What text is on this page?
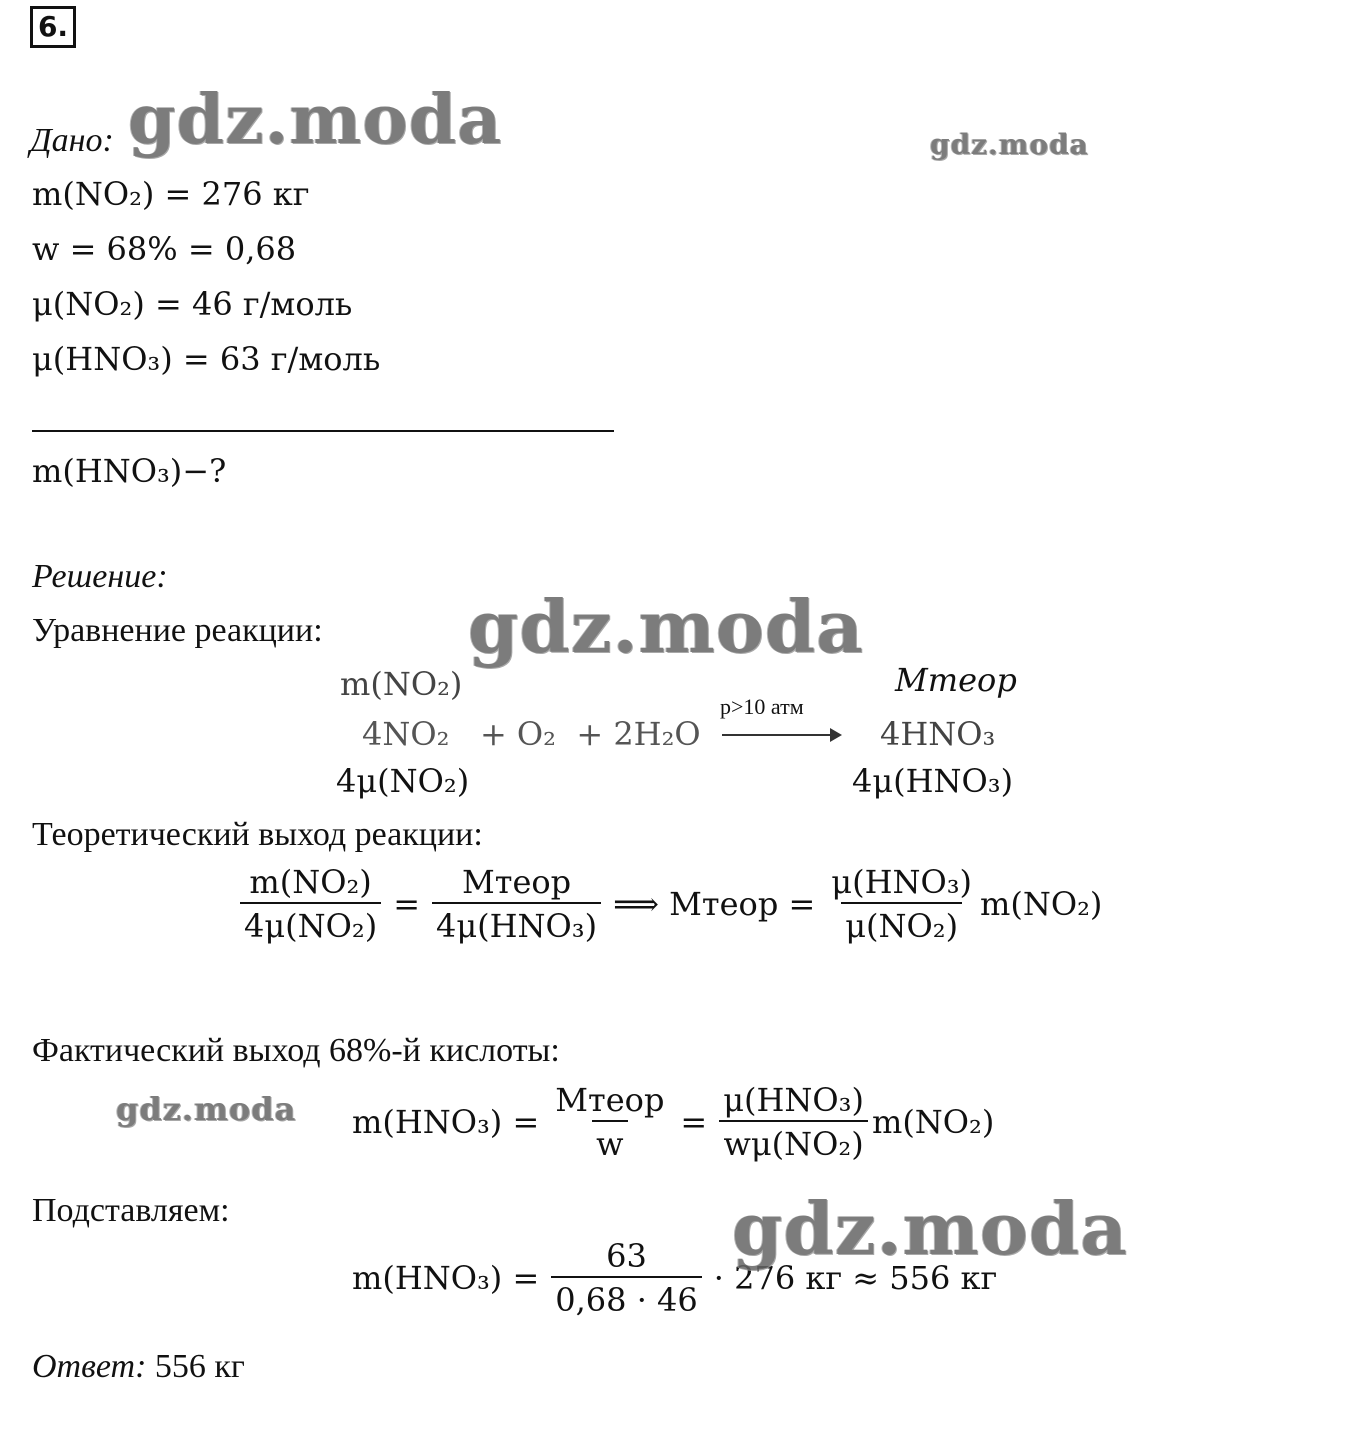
6.
Дано:
m(NO₂) = 276 кг
w = 68% = 0,68
μ(NO₂) = 46 г/моль
μ(HNO₃) = 63 г/моль
m(HNO₃)−?
Решение:
Уравнение реакции:
m(NO₂)	Mтеор
4NO₂   + O₂  + 2H₂O
p>10 атм
4HNO₃
4μ(NO₂)	4μ(HNO₃)
Теоретический выход реакции:
$\frac{\text{m(NO₂)}}{\text{4μ(NO₂)}} = \frac{\text{Mтеор}}{\text{4μ(HNO₃)}}$ ⟹ Mтеор = $\frac{\text{μ(HNO₃)}}{\text{μ(NO₂)}} m(NO_2)$
Фактический выход 68%-й кислоты:
$m(HNO_3) = \frac{\text{Mтеор}}{w} = \frac{\text{μ(HNO₃)}}{\text{wμ(NO₂)}} m(NO_2)$
Подставляем:
$m(HNO_3) = \frac{63}{0,68 \cdot 46} \cdot 276$ кг ≈ 556 кг
Ответ: 556 кг
gdz.moda	gdz.moda
gdz.moda
gdz.moda
gdz.moda
